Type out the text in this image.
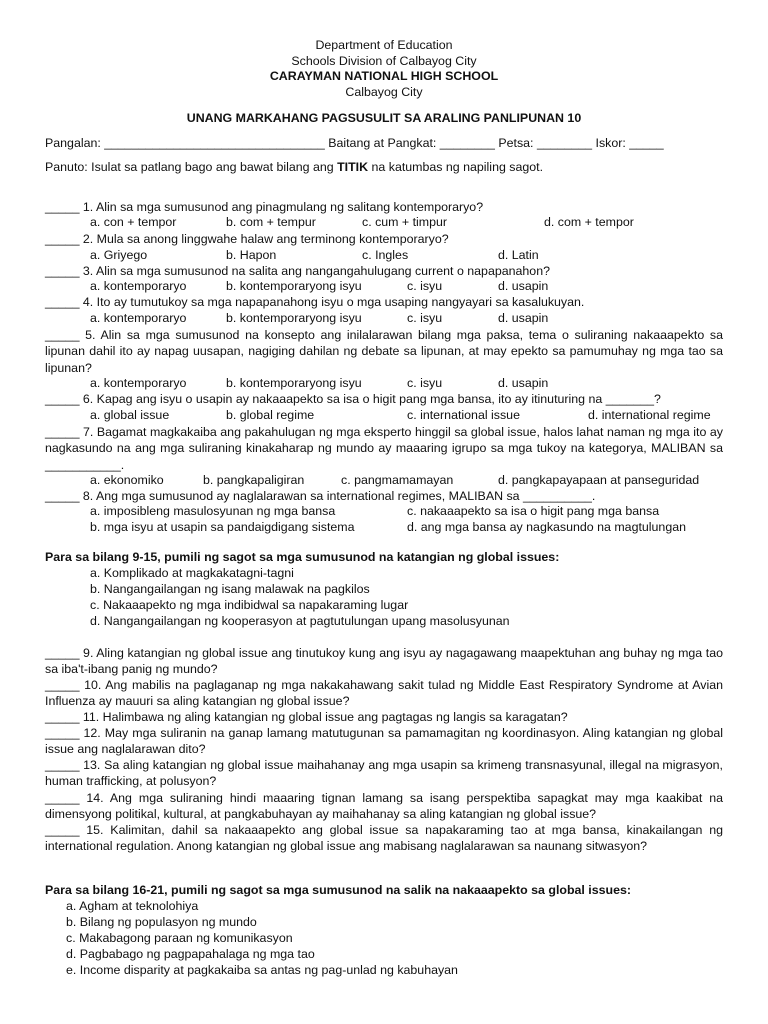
Department of Education
Schools Division of Calbayog City
CARAYMAN NATIONAL HIGH SCHOOL
Calbayog City
UNANG MARKAHANG PAGSUSULIT SA ARALING PANLIPUNAN 10
Pangalan: ________________________________ Baitang at Pangkat: ________ Petsa: ________ Iskor: _____
Panuto: Isulat sa patlang bago ang bawat bilang ang TITIK na katumbas ng napiling sagot.
_____ 1. Alin sa mga sumusunod ang pinagmulang ng salitang kontemporaryo?
a. con + tempor	b. com + tempur	c. cum + timpur	d. com + tempor
_____ 2. Mula sa anong linggwahe halaw ang terminong kontemporaryo?
a. Griyego	b. Hapon	c. Ingles	d. Latin
_____ 3. Alin sa mga sumusunod na salita ang nangangahulugang current o napapanahon?
a. kontemporaryo	b. kontemporaryong isyu	c. isyu	d. usapin
_____ 4. Ito ay tumutukoy sa mga napapanahong isyu o mga usaping nangyayari sa kasalukuyan.
a. kontemporaryo	b. kontemporaryong isyu	c. isyu	d. usapin
_____ 5. Alin sa mga sumusunod na konsepto ang inilalarawan bilang mga paksa, tema o suliraning nakaaapekto sa lipunan dahil ito ay napag uusapan, nagiging dahilan ng debate sa lipunan, at may epekto sa pamumuhay ng mga tao sa lipunan?
a. kontemporaryo	b. kontemporaryong isyu	c. isyu	d. usapin
_____ 6. Kapag ang isyu o usapin ay nakaaapekto sa isa o higit pang mga bansa, ito ay itinuturing na _______?
a. global issue	b. global regime	c. international issue	d. international regime
_____ 7. Bagamat magkakaiba ang pakahulugan ng mga eksperto hinggil sa global issue, halos lahat naman ng mga ito ay nagkasundo na ang mga suliraning kinakaharap ng mundo ay maaaring igrupo sa mga tukoy na kategorya, MALIBAN sa ___________.
a. ekonomiko	b. pangkapaligiran	c. pangmamamayan	d. pangkapayapaan at panseguridad
_____ 8. Ang mga sumusunod ay naglalarawan sa international regimes, MALIBAN sa __________.
a. imposibleng masulosyunan ng mga bansa	c. nakaaapekto sa isa o higit pang mga bansa
b. mga isyu at usapin sa pandaigdigang sistema	d. ang mga bansa ay nagkasundo na magtulungan
Para sa bilang 9-15, pumili ng sagot sa mga sumusunod na katangian ng global issues:
a. Komplikado at magkakatagni-tagni
b. Nangangailangan ng isang malawak na pagkilos
c. Nakaaapekto ng mga indibidwal sa napakaraming lugar
d. Nangangailangan ng kooperasyon at pagtutulungan upang masolusyunan
_____ 9. Aling katangian ng global issue ang tinutukoy kung ang isyu ay nagagawang maapektuhan ang buhay ng mga tao sa iba't-ibang panig ng mundo?
_____ 10. Ang mabilis na paglaganap ng mga nakakahawang sakit tulad ng Middle East Respiratory Syndrome at Avian Influenza ay mauuri sa aling katangian ng global issue?
_____ 11. Halimbawa ng aling katangian ng global issue ang pagtagas ng langis sa karagatan?
_____ 12. May mga suliranin na ganap lamang matutugunan sa pamamagitan ng koordinasyon. Aling katangian ng global issue ang naglalarawan dito?
_____ 13. Sa aling katangian ng global issue maihahanay ang mga usapin sa krimeng transnasyunal, illegal na migrasyon, human trafficking, at polusyon?
_____ 14. Ang mga suliraning hindi maaaring tignan lamang sa isang perspektiba sapagkat may mga kaakibat na dimensyong politikal, kultural, at pangkabuhayan ay maihahanay sa aling katangian ng global issue?
_____ 15. Kalimitan, dahil sa nakaaapekto ang global issue sa napakaraming tao at mga bansa, kinakailangan ng international regulation. Anong katangian ng global issue ang mabisang naglalarawan sa naunang sitwasyon?
Para sa bilang 16-21, pumili ng sagot sa mga sumusunod na salik na nakaaapekto sa global issues:
a. Agham at teknolohiya
b. Bilang ng populasyon ng mundo
c. Makabagong paraan ng komunikasyon
d. Pagbabago ng pagpapahalaga ng mga tao
e. Income disparity at pagkakaiba sa antas ng pag-unlad ng kabuhayan
